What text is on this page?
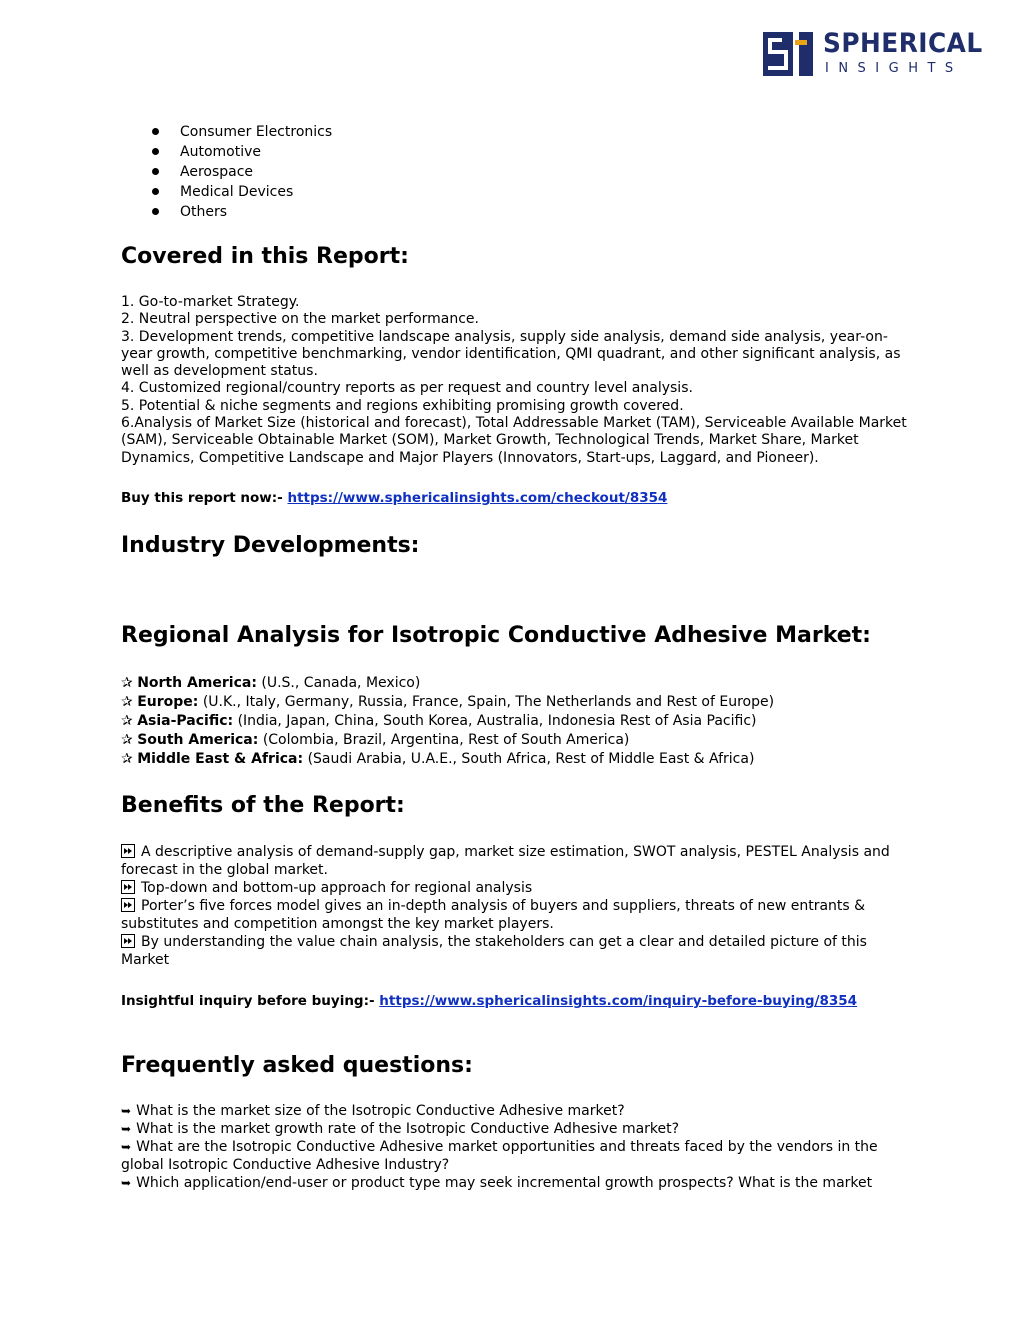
SPHERICAL
INSIGHTS
Consumer Electronics
Automotive
Aerospace
Medical Devices
Others
Covered in this Report:
1. Go-to-market Strategy.
2. Neutral perspective on the market performance.
3. Development trends, competitive landscape analysis, supply side analysis, demand side analysis, year-on-year growth, competitive benchmarking, vendor identification, QMI quadrant, and other significant analysis, as well as development status.
4. Customized regional/country reports as per request and country level analysis.
5. Potential & niche segments and regions exhibiting promising growth covered.
6.Analysis of Market Size (historical and forecast), Total Addressable Market (TAM), Serviceable Available Market (SAM), Serviceable Obtainable Market (SOM), Market Growth, Technological Trends, Market Share, Market Dynamics, Competitive Landscape and Major Players (Innovators, Start-ups, Laggard, and Pioneer).
Buy this report now:- https://www.sphericalinsights.com/checkout/8354
Industry Developments:
Regional Analysis for Isotropic Conductive Adhesive Market:
✰ North America: (U.S., Canada, Mexico)
✰ Europe: (U.K., Italy, Germany, Russia, France, Spain, The Netherlands and Rest of Europe)
✰ Asia-Pacific: (India, Japan, China, South Korea, Australia, Indonesia Rest of Asia Pacific)
✰ South America: (Colombia, Brazil, Argentina, Rest of South America)
✰ Middle East & Africa: (Saudi Arabia, U.A.E., South Africa, Rest of Middle East & Africa)
Benefits of the Report:
A descriptive analysis of demand-supply gap, market size estimation, SWOT analysis, PESTEL Analysis and forecast in the global market.
Top-down and bottom-up approach for regional analysis
Porter’s five forces model gives an in-depth analysis of buyers and suppliers, threats of new entrants & substitutes and competition amongst the key market players.
By understanding the value chain analysis, the stakeholders can get a clear and detailed picture of this Market
Insightful inquiry before buying:- https://www.sphericalinsights.com/inquiry-before-buying/8354
Frequently asked questions:
➥ What is the market size of the Isotropic Conductive Adhesive market?
➥ What is the market growth rate of the Isotropic Conductive Adhesive market?
➥ What are the Isotropic Conductive Adhesive market opportunities and threats faced by the vendors in the global Isotropic Conductive Adhesive Industry?
➥ Which application/end-user or product type may seek incremental growth prospects? What is the market
